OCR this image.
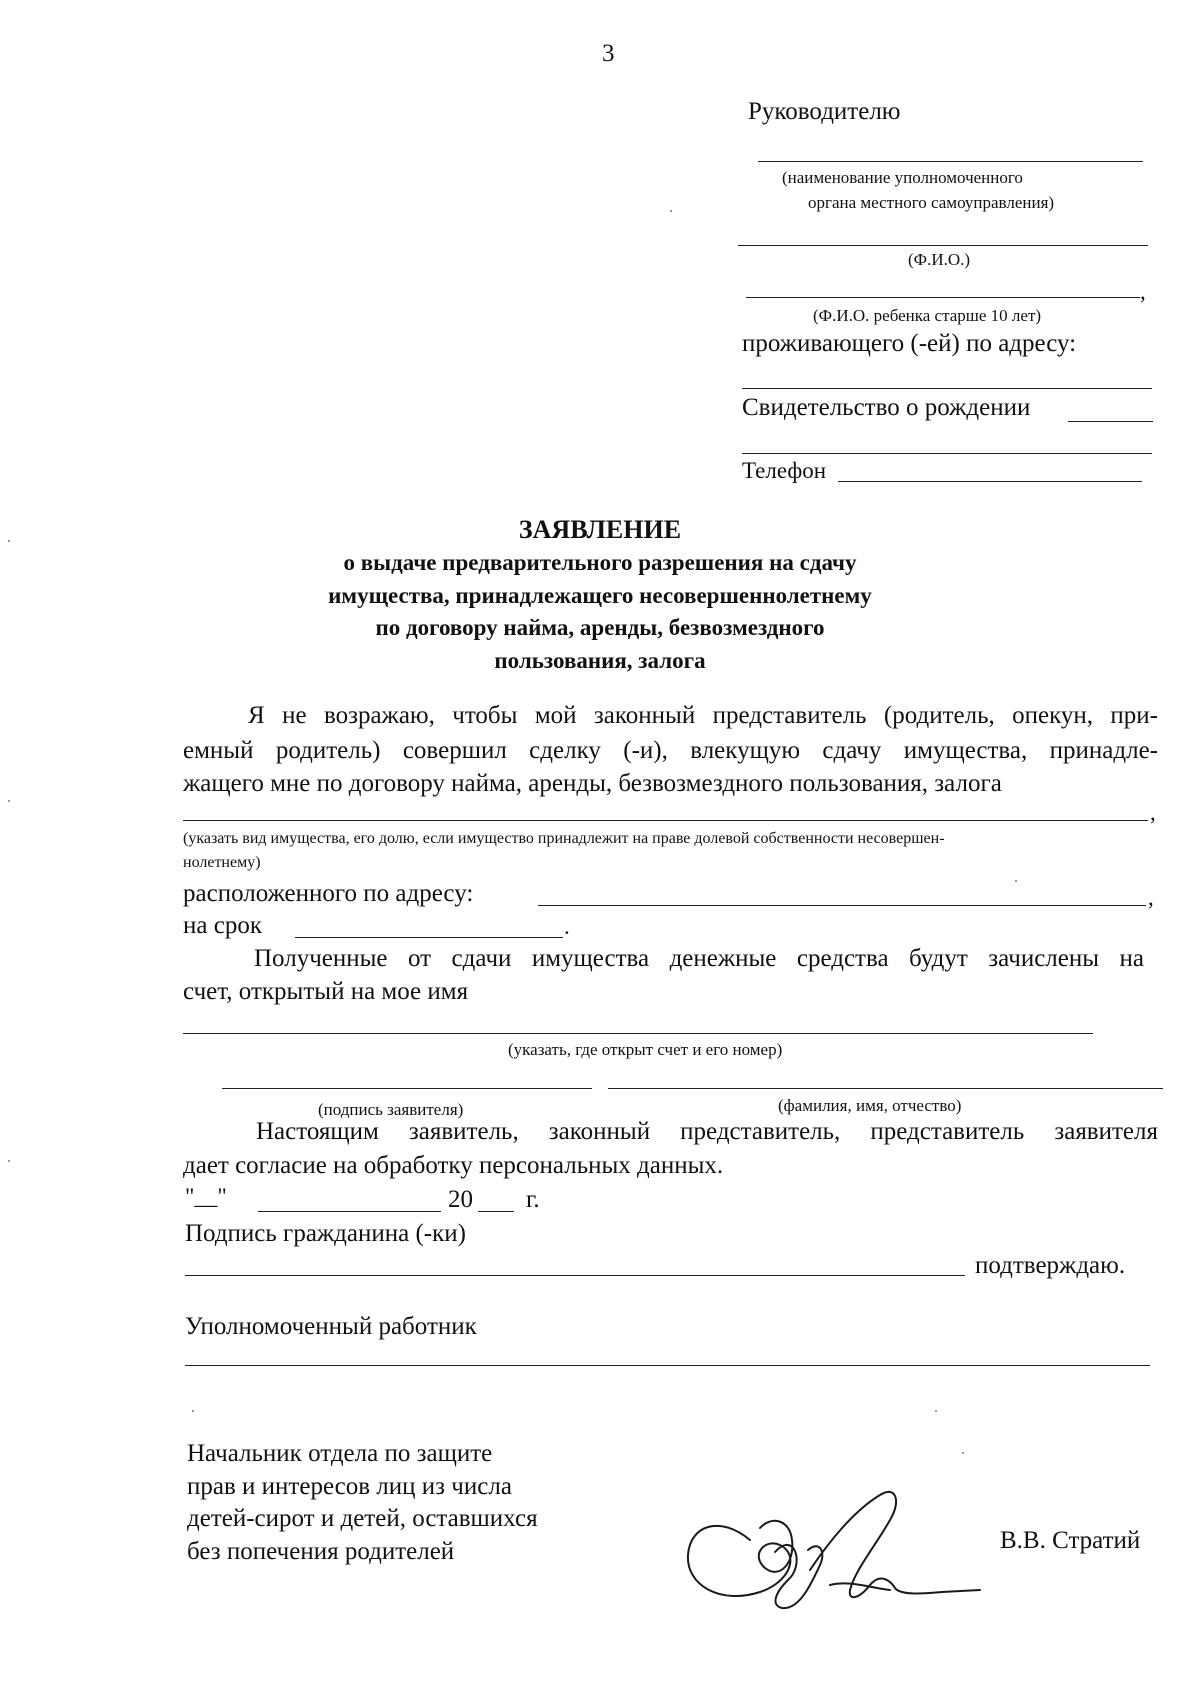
3
Руководителю
(наименование уполномоченного
органа местного самоуправления)
(Ф.И.О.)
,
(Ф.И.О. ребенка старше 10 лет)
проживающего (-ей) по адресу:
Свидетельство о рождении
Телефон
ЗАЯВЛЕНИЕ
о выдаче предварительного разрешения на сдачу
имущества, принадлежащего несовершеннолетнему
по договору найма, аренды, безвозмездного
пользования, залога
Я не возражаю, чтобы мой законный представитель (родитель, опекун, при-
емный родитель) совершил сделку (-и), влекущую сдачу имущества, принадле-
жащего мне по договору найма, аренды, безвозмездного пользования, залога
,
(указать вид имущества, его долю, если имущество принадлежит на праве долевой собственности несовершен-
нолетнему)
расположенного по адресу:	,
на срок	.
Полученные от сдачи имущества денежные средства будут зачислены на
счет, открытый на мое имя
(указать, где открыт счет и его номер)
(подпись заявителя)	(фамилия, имя, отчество)
Настоящим заявитель, законный представитель, представитель заявителя
дает согласие на обработку персональных данных.
"__"	20 г.
Подпись гражданина (-ки)
подтверждаю.
Уполномоченный работник
Начальник отдела по защите
прав и интересов лиц из числа
детей-сирот и детей, оставшихся
без попечения родителей	В.В. Стратий
